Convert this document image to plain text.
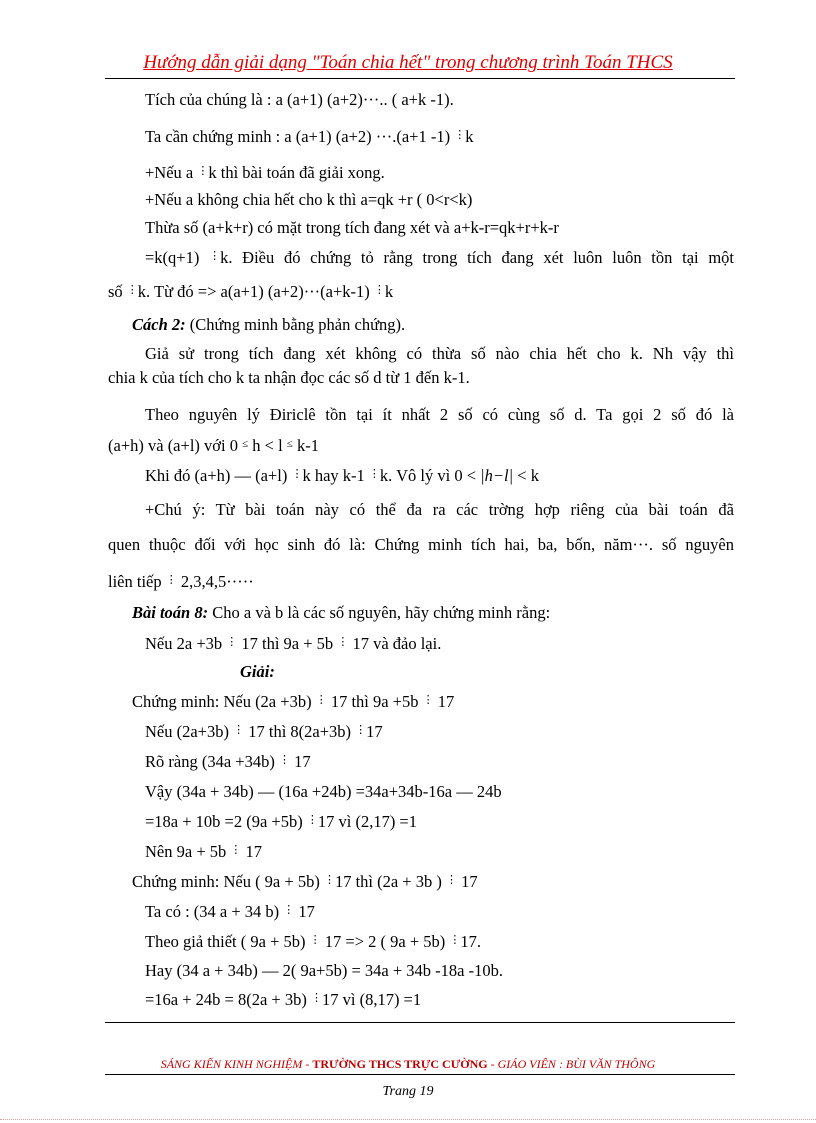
Hướng dẫn giải dạng "Toán chia hết" trong chương trình Toán THCS
Tích của chúng là : a (a+1) (a+2)···.. ( a+k -1).
Ta cần chứng minh : a (a+1) (a+2) ···.(a+1 -1) ⋮k
+Nếu a ⋮k thì bài toán đã giải xong.
+Nếu a không chia hết cho k thì a=qk +r ( 0<r<k)
Thừa số (a+k+r) có mặt trong tích đang xét và a+k-r=qk+r+k-r
=k(q+1) ⋮k. Điều đó chứng tỏ rằng trong tích đang xét luôn luôn tồn tại một
số ⋮k. Từ đó => a(a+1) (a+2)···(a+k-1) ⋮k
Cách 2: (Chứng minh bằng phản chứng).
Giả sử trong tích đang xét không có thừa số nào chia hết cho k. Nh vậy thì
chia k của tích cho k ta nhận đọc các số d từ 1 đến k-1.
Theo nguyên lý Điriclê tồn tại ít nhất 2 số có cùng số d. Ta gọi 2 số đó là
(a+h) và (a+l) với 0 ≤ h < l ≤ k-1
Khi đó (a+h) — (a+l) ⋮k hay k-1 ⋮k. Vô lý vì 0 < |h−l| < k
+Chú ý: Từ bài toán này có thể đa ra các trờng hợp riêng của bài toán đã
quen thuộc đối với học sinh đó là: Chứng minh tích hai, ba, bốn, năm···. số nguyên
liên tiếp ⋮ 2,3,4,5·····
Bài toán 8: Cho a và b là các số nguyên, hãy chứng minh rằng:
Nếu 2a +3b ⋮ 17 thì 9a + 5b ⋮ 17 và đảo lại.
Giải:
Chứng minh: Nếu (2a +3b) ⋮ 17 thì 9a +5b ⋮ 17
Nếu (2a+3b) ⋮ 17 thì 8(2a+3b) ⋮17
Rõ ràng (34a +34b) ⋮ 17
Vậy (34a + 34b) — (16a +24b) =34a+34b-16a — 24b
=18a + 10b =2 (9a +5b) ⋮17 vì (2,17) =1
Nên 9a + 5b ⋮ 17
Chứng minh: Nếu ( 9a + 5b) ⋮17 thì (2a + 3b ) ⋮ 17
Ta có : (34 a + 34 b) ⋮ 17
Theo giả thiết ( 9a + 5b) ⋮ 17 => 2 ( 9a + 5b) ⋮17.
Hay (34 a + 34b) — 2( 9a+5b) = 34a + 34b -18a -10b.
=16a + 24b = 8(2a + 3b) ⋮17 vì (8,17) =1
SÁNG KIẾN KINH NGHIỆM - TRƯỜNG THCS TRỰC CƯỜNG - GIÁO VIÊN : BÙI VĂN THÔNG
Trang 19
